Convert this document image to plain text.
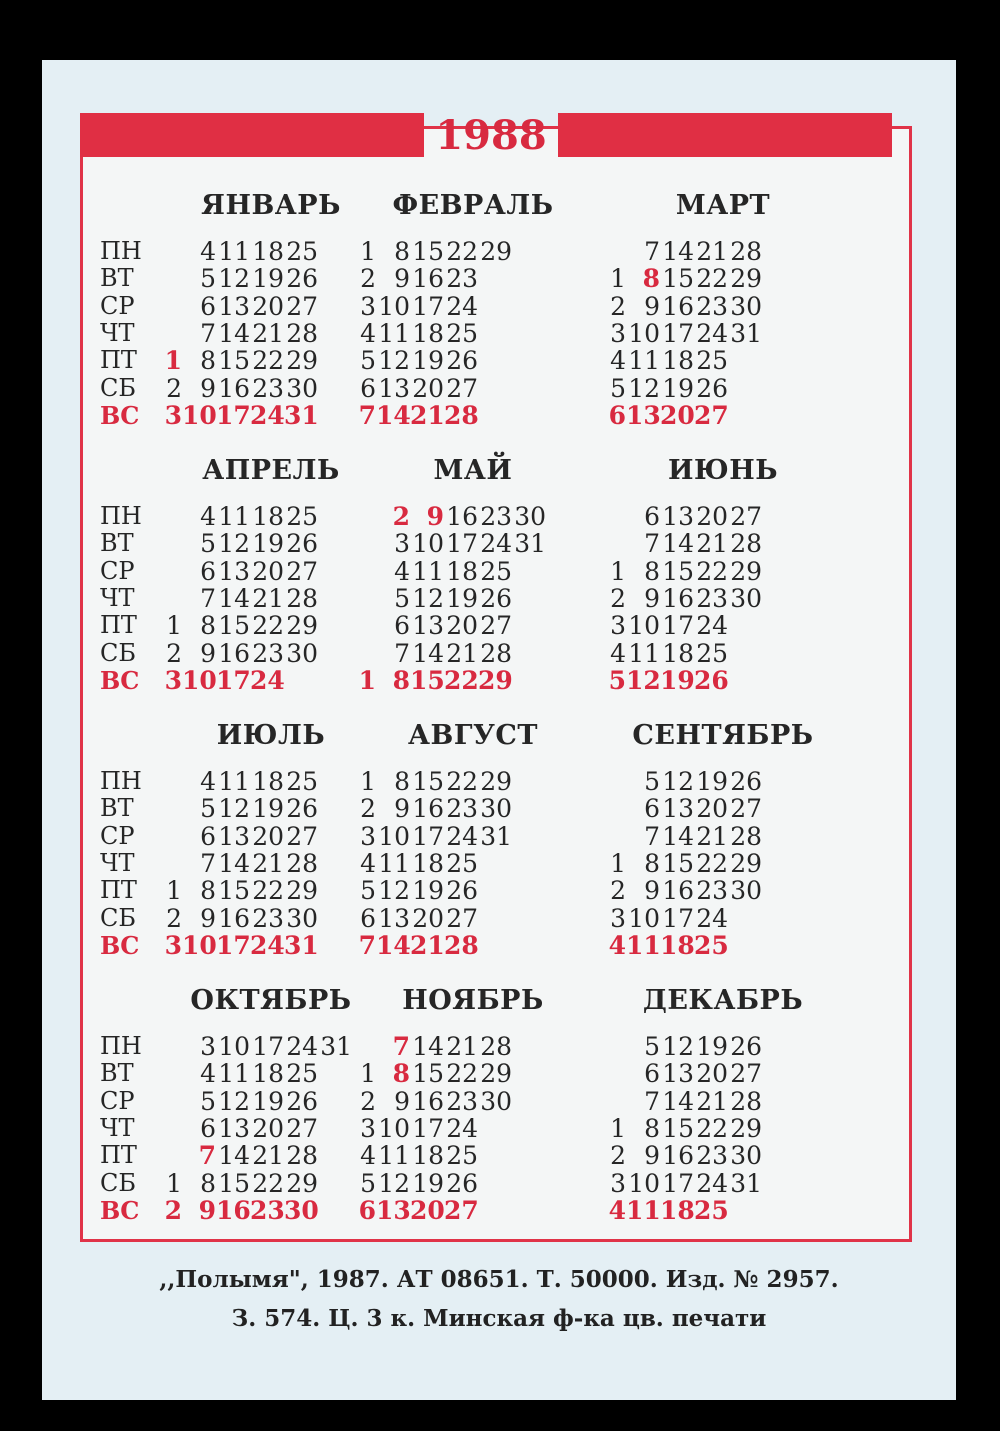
1988
ЯНВАРЬ
ПН
ВТ
СР
ЧТ
ПТ
СБ
ВС
1
2
3
4
5
6
7
8
9
10
11
12
13
14
15
16
17
18
19
20
21
22
23
24
25
26
27
28
29
30
31
ФЕВРАЛЬ
1
2
3
4
5
6
7
8
9
10
11
12
13
14
15
16
17
18
19
20
21
22
23
24
25
26
27
28
29
МАРТ
1
2
3
4
5
6
7
8
9
10
11
12
13
14
15
16
17
18
19
20
21
22
23
24
25
26
27
28
29
30
31
АПРЕЛЬ
ПН
ВТ
СР
ЧТ
ПТ
СБ
ВС
1
2
3
4
5
6
7
8
9
10
11
12
13
14
15
16
17
18
19
20
21
22
23
24
25
26
27
28
29
30
МАЙ
1
2
3
4
5
6
7
8
9
10
11
12
13
14
15
16
17
18
19
20
21
22
23
24
25
26
27
28
29
30
31
ИЮНЬ
1
2
3
4
5
6
7
8
9
10
11
12
13
14
15
16
17
18
19
20
21
22
23
24
25
26
27
28
29
30
ИЮЛЬ
ПН
ВТ
СР
ЧТ
ПТ
СБ
ВС
1
2
3
4
5
6
7
8
9
10
11
12
13
14
15
16
17
18
19
20
21
22
23
24
25
26
27
28
29
30
31
АВГУСТ
1
2
3
4
5
6
7
8
9
10
11
12
13
14
15
16
17
18
19
20
21
22
23
24
25
26
27
28
29
30
31
СЕНТЯБРЬ
1
2
3
4
5
6
7
8
9
10
11
12
13
14
15
16
17
18
19
20
21
22
23
24
25
26
27
28
29
30
ОКТЯБРЬ
ПН
ВТ
СР
ЧТ
ПТ
СБ
ВС
1
2
3
4
5
6
7
8
9
10
11
12
13
14
15
16
17
18
19
20
21
22
23
24
25
26
27
28
29
30
31
НОЯБРЬ
1
2
3
4
5
6
7
8
9
10
11
12
13
14
15
16
17
18
19
20
21
22
23
24
25
26
27
28
29
30
ДЕКАБРЬ
1
2
3
4
5
6
7
8
9
10
11
12
13
14
15
16
17
18
19
20
21
22
23
24
25
26
27
28
29
30
31
,,Полымя", 1987. АТ 08651. Т. 50000. Изд. № 2957.
З. 574. Ц. 3 к. Минская ф-ка цв. печати
